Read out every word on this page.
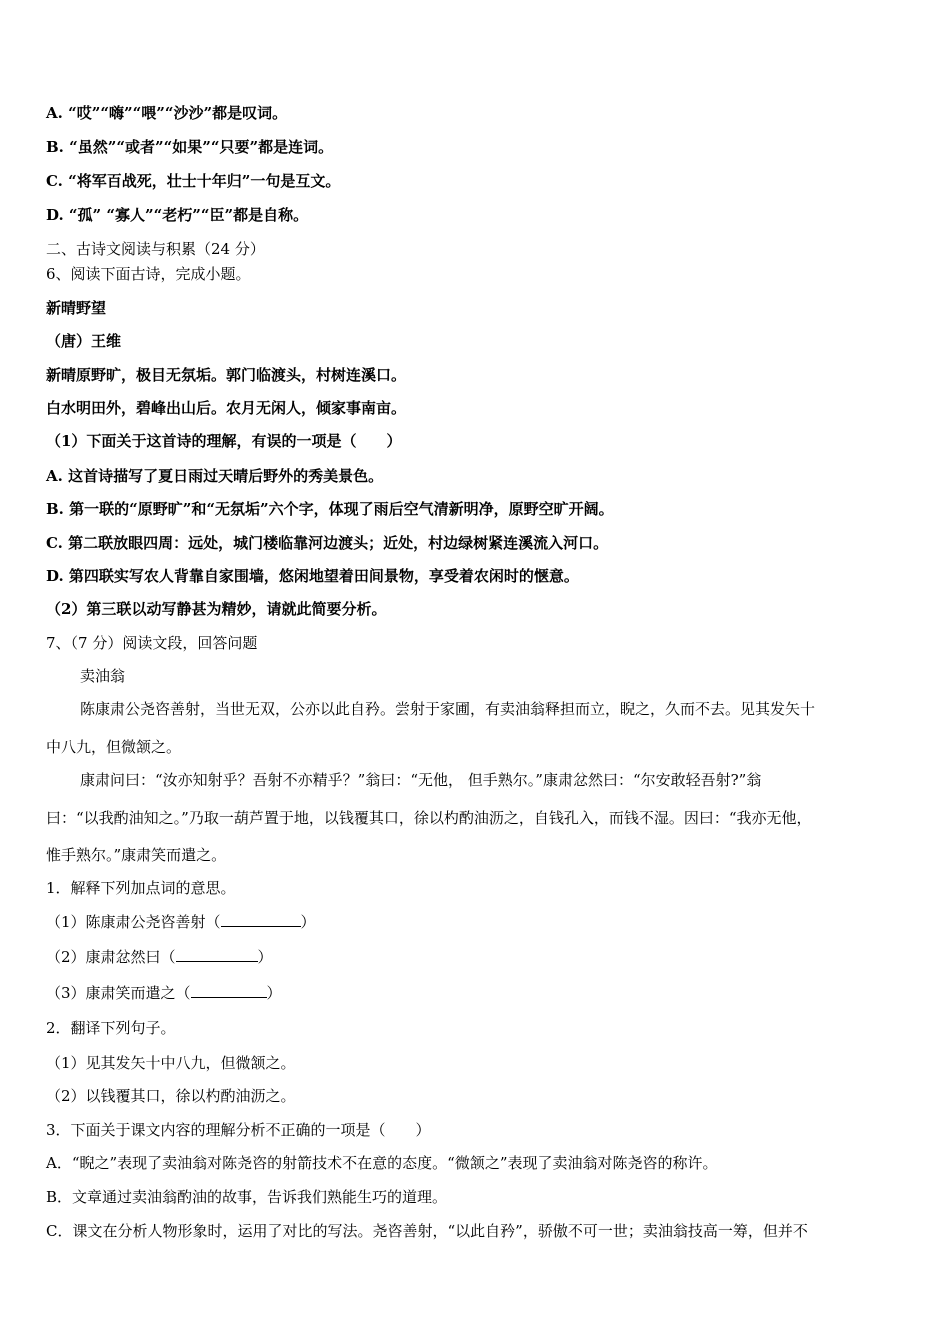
A. “哎”“嗨”“喂”“沙沙”都是叹词。
B. “虽然”“或者”“如果”“只要”都是连词。
C. “将军百战死，壮士十年归”一句是互文。
D. “孤” “寡人”“老朽”“臣”都是自称。
二、古诗文阅读与积累（24 分）
6、阅读下面古诗，完成小题。
新晴野望
（唐）王维
新晴原野旷，极目无氛垢。郭门临渡头，村树连溪口。
白水明田外，碧峰出山后。农月无闲人，倾家事南亩。
（1）下面关于这首诗的理解，有误的一项是（　　）
A. 这首诗描写了夏日雨过天晴后野外的秀美景色。
B. 第一联的“原野旷”和“无氛垢”六个字，体现了雨后空气清新明净，原野空旷开阔。
C. 第二联放眼四周：远处，城门楼临靠河边渡头；近处，村边绿树紧连溪流入河口。
D. 第四联实写农人背靠自家围墙，悠闲地望着田间景物，享受着农闲时的惬意。
（2）第三联以动写静甚为精妙，请就此简要分析。
7、（7 分）阅读文段，回答问题
卖油翁
陈康肃公尧咨善射，当世无双，公亦以此自矜。尝射于家圃，有卖油翁释担而立，睨之，久而不去。见其发矢十
中八九，但微颔之。
康肃问曰：“汝亦知射乎？吾射不亦精乎？”翁曰：“无他， 但手熟尔。”康肃忿然曰：“尔安敢轻吾射?”翁
曰：“以我酌油知之。”乃取一葫芦置于地，以钱覆其口，徐以杓酌油沥之，自钱孔入，而钱不湿。因曰：“我亦无他，
惟手熟尔。”康肃笑而遣之。
1．解释下列加点词的意思。
（1）陈康肃公尧咨善射（	）
（2）康肃忿然曰（	）
（3）康肃笑而遣之（	）
2．翻译下列句子。
（1）见其发矢十中八九，但微颔之。
（2）以钱覆其口，徐以杓酌油沥之。
3．下面关于课文内容的理解分析不正确的一项是（　　）
A．“睨之”表现了卖油翁对陈尧咨的射箭技术不在意的态度。“微颔之”表现了卖油翁对陈尧咨的称许。
B．文章通过卖油翁酌油的故事，告诉我们熟能生巧的道理。
C．课文在分析人物形象时，运用了对比的写法。尧咨善射，“以此自矜”，骄傲不可一世；卖油翁技高一筹，但并不
